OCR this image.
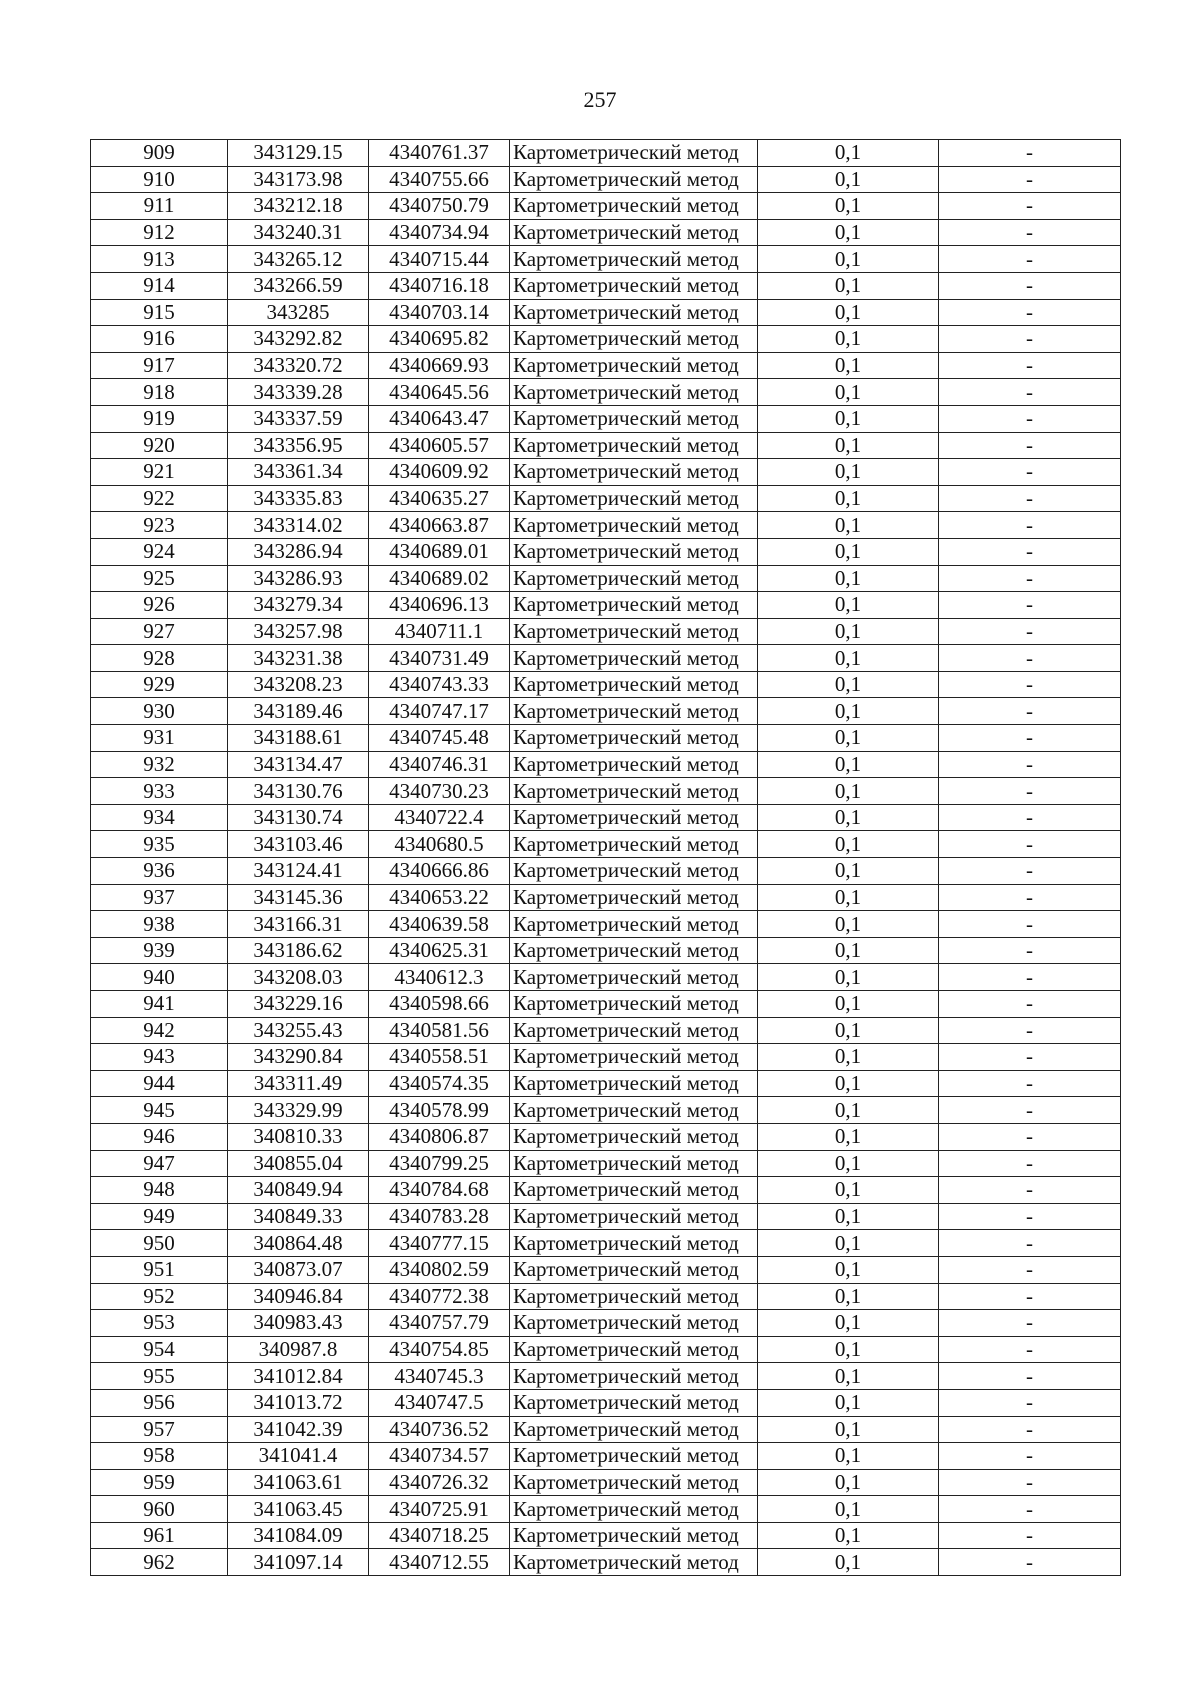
257
909	343129.15	4340761.37	Картометрический метод	0,1	-
910	343173.98	4340755.66	Картометрический метод	0,1	-
911	343212.18	4340750.79	Картометрический метод	0,1	-
912	343240.31	4340734.94	Картометрический метод	0,1	-
913	343265.12	4340715.44	Картометрический метод	0,1	-
914	343266.59	4340716.18	Картометрический метод	0,1	-
915	343285	4340703.14	Картометрический метод	0,1	-
916	343292.82	4340695.82	Картометрический метод	0,1	-
917	343320.72	4340669.93	Картометрический метод	0,1	-
918	343339.28	4340645.56	Картометрический метод	0,1	-
919	343337.59	4340643.47	Картометрический метод	0,1	-
920	343356.95	4340605.57	Картометрический метод	0,1	-
921	343361.34	4340609.92	Картометрический метод	0,1	-
922	343335.83	4340635.27	Картометрический метод	0,1	-
923	343314.02	4340663.87	Картометрический метод	0,1	-
924	343286.94	4340689.01	Картометрический метод	0,1	-
925	343286.93	4340689.02	Картометрический метод	0,1	-
926	343279.34	4340696.13	Картометрический метод	0,1	-
927	343257.98	4340711.1	Картометрический метод	0,1	-
928	343231.38	4340731.49	Картометрический метод	0,1	-
929	343208.23	4340743.33	Картометрический метод	0,1	-
930	343189.46	4340747.17	Картометрический метод	0,1	-
931	343188.61	4340745.48	Картометрический метод	0,1	-
932	343134.47	4340746.31	Картометрический метод	0,1	-
933	343130.76	4340730.23	Картометрический метод	0,1	-
934	343130.74	4340722.4	Картометрический метод	0,1	-
935	343103.46	4340680.5	Картометрический метод	0,1	-
936	343124.41	4340666.86	Картометрический метод	0,1	-
937	343145.36	4340653.22	Картометрический метод	0,1	-
938	343166.31	4340639.58	Картометрический метод	0,1	-
939	343186.62	4340625.31	Картометрический метод	0,1	-
940	343208.03	4340612.3	Картометрический метод	0,1	-
941	343229.16	4340598.66	Картометрический метод	0,1	-
942	343255.43	4340581.56	Картометрический метод	0,1	-
943	343290.84	4340558.51	Картометрический метод	0,1	-
944	343311.49	4340574.35	Картометрический метод	0,1	-
945	343329.99	4340578.99	Картометрический метод	0,1	-
946	340810.33	4340806.87	Картометрический метод	0,1	-
947	340855.04	4340799.25	Картометрический метод	0,1	-
948	340849.94	4340784.68	Картометрический метод	0,1	-
949	340849.33	4340783.28	Картометрический метод	0,1	-
950	340864.48	4340777.15	Картометрический метод	0,1	-
951	340873.07	4340802.59	Картометрический метод	0,1	-
952	340946.84	4340772.38	Картометрический метод	0,1	-
953	340983.43	4340757.79	Картометрический метод	0,1	-
954	340987.8	4340754.85	Картометрический метод	0,1	-
955	341012.84	4340745.3	Картометрический метод	0,1	-
956	341013.72	4340747.5	Картометрический метод	0,1	-
957	341042.39	4340736.52	Картометрический метод	0,1	-
958	341041.4	4340734.57	Картометрический метод	0,1	-
959	341063.61	4340726.32	Картометрический метод	0,1	-
960	341063.45	4340725.91	Картометрический метод	0,1	-
961	341084.09	4340718.25	Картометрический метод	0,1	-
962	341097.14	4340712.55	Картометрический метод	0,1	-
